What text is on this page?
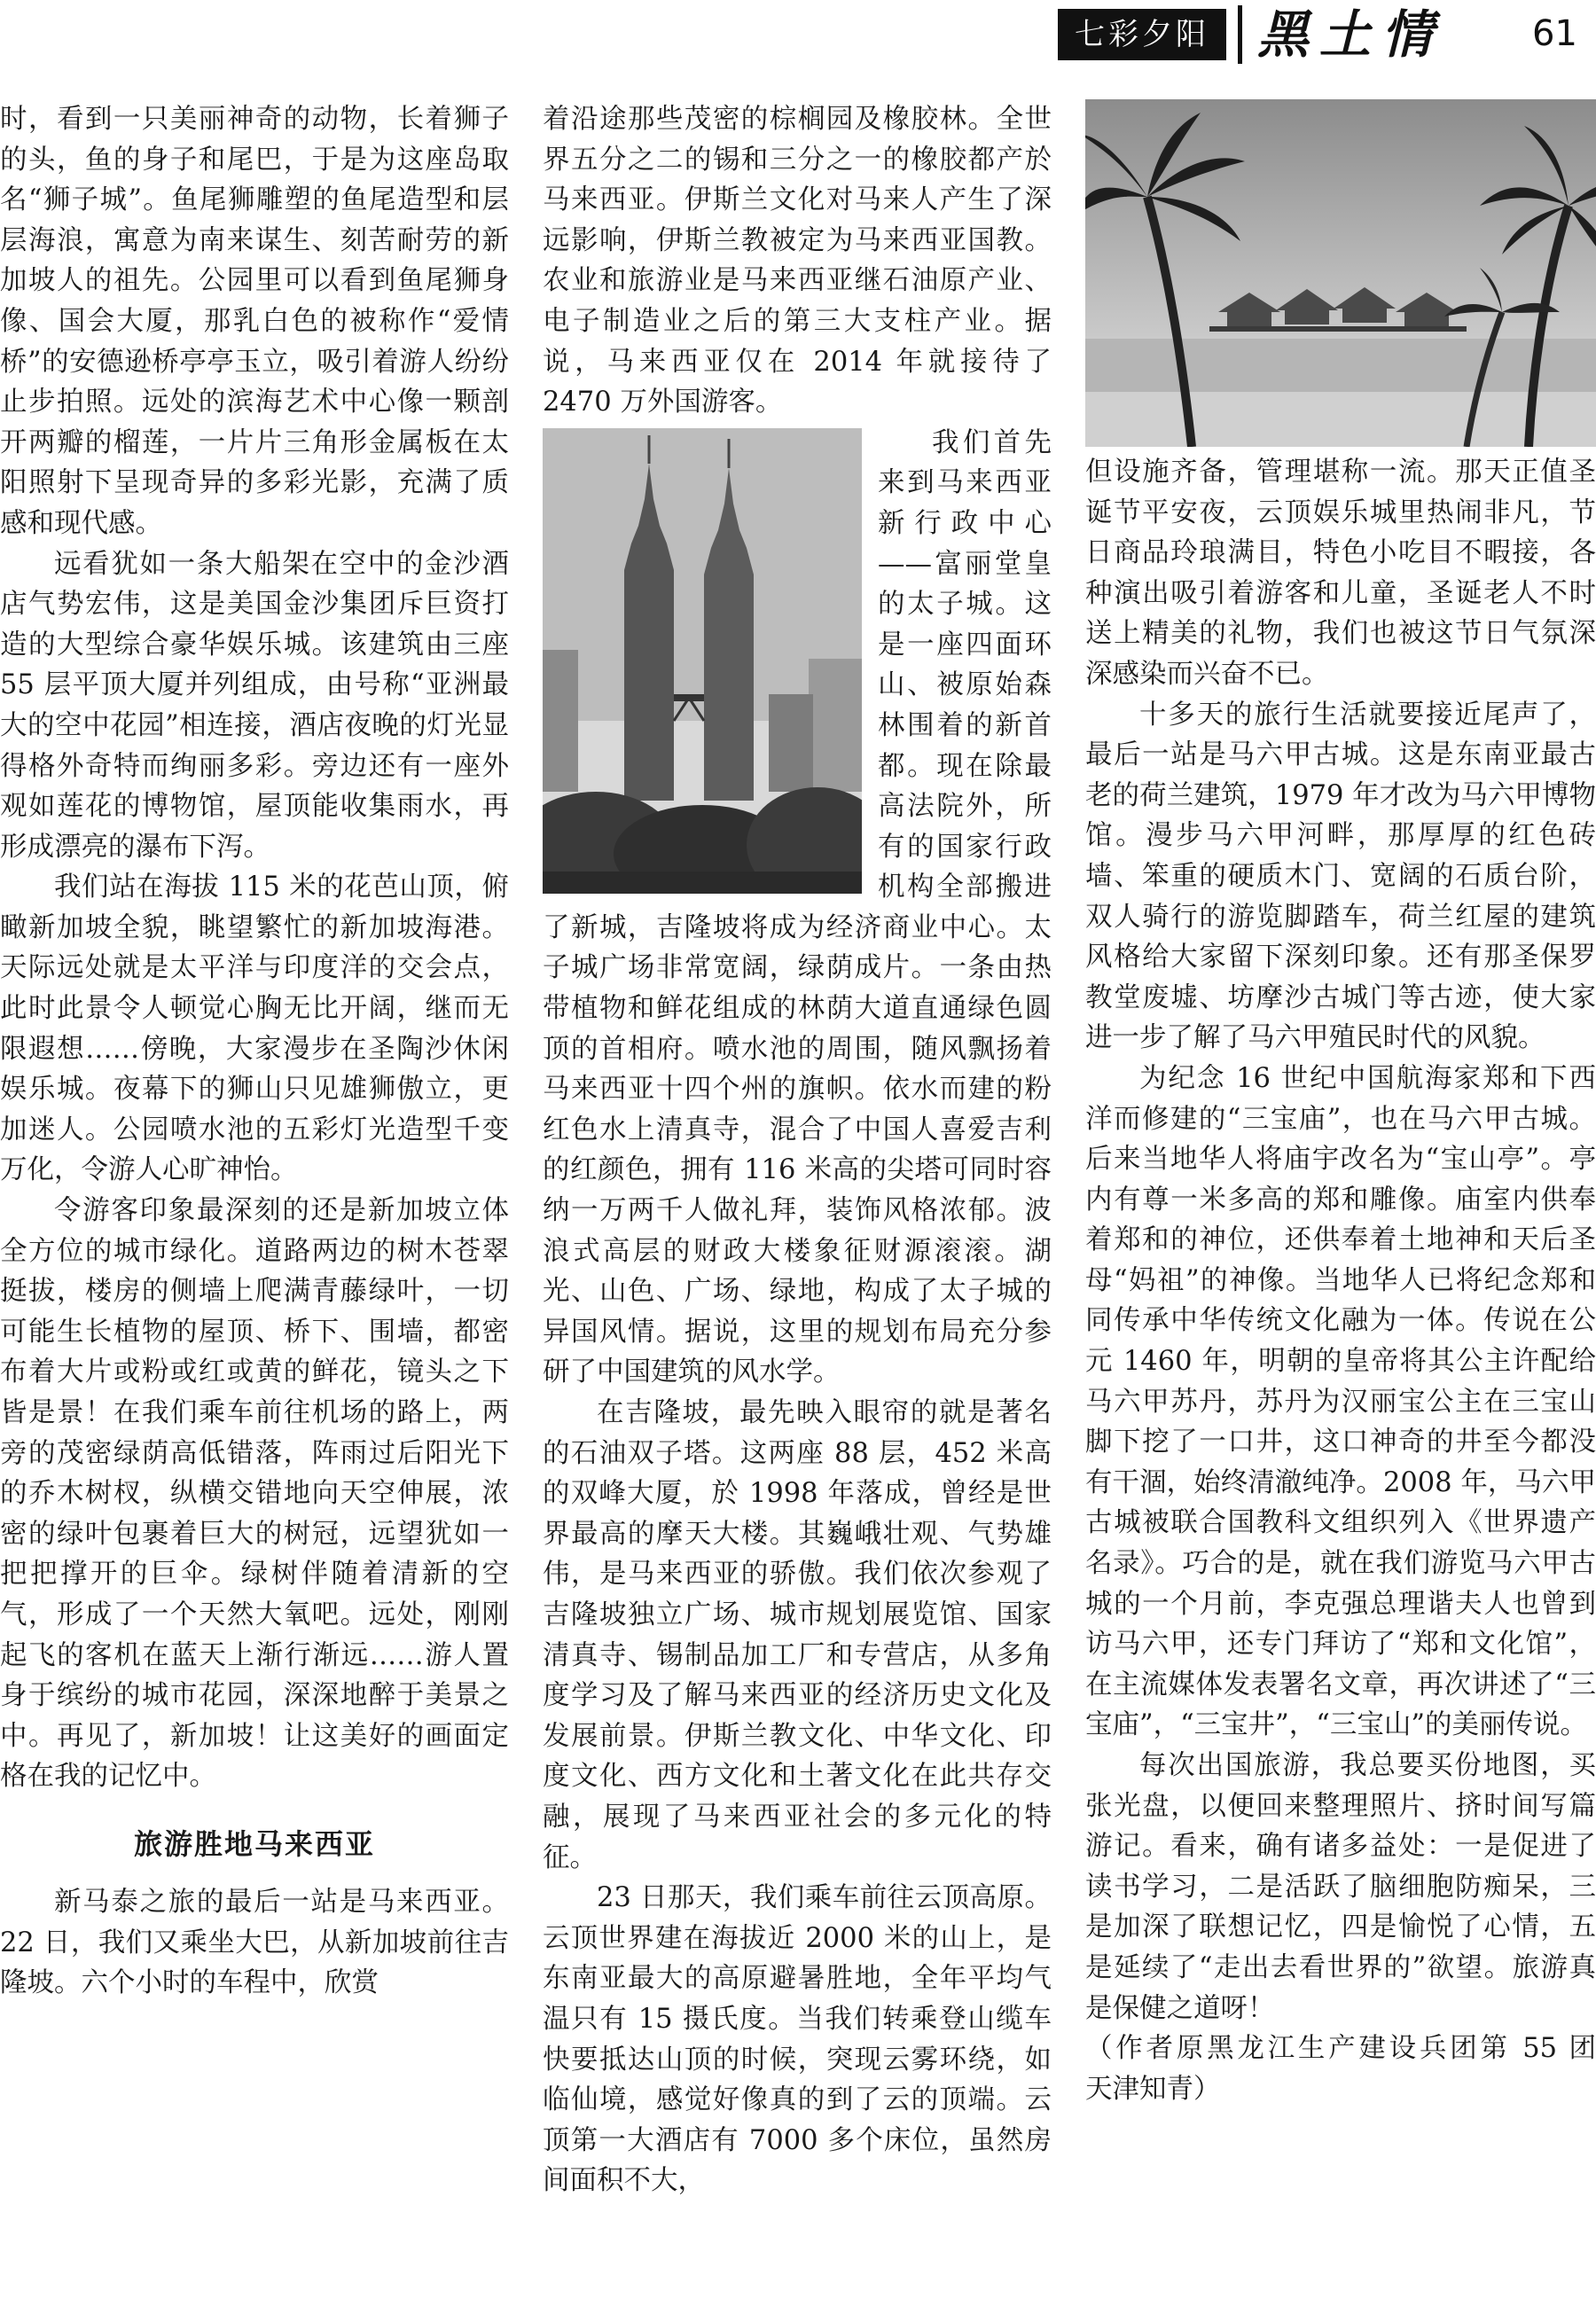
七彩夕阳 黑土情 61

时，看到一只美丽神奇的动物，长着狮子的头，鱼的身子和尾巴，于是为这座岛取名“狮子城”。鱼尾狮雕塑的鱼尾造型和层层海浪，寓意为南来谋生、刻苦耐劳的新加坡人的祖先。公园里可以看到鱼尾狮身像、国会大厦，那乳白色的被称作“爱情桥”的安德逊桥亭亭玉立，吸引着游人纷纷止步拍照。远处的滨海艺术中心像一颗剖开两瓣的榴莲，一片片三角形金属板在太阳照射下呈现奇异的多彩光影，充满了质感和现代感。

远看犹如一条大船架在空中的金沙酒店气势宏伟，这是美国金沙集团斥巨资打造的大型综合豪华娱乐城。该建筑由三座 55 层平顶大厦并列组成，由号称“亚洲最大的空中花园”相连接，酒店夜晚的灯光显得格外奇特而绚丽多彩。旁边还有一座外观如莲花的博物馆，屋顶能收集雨水，再形成漂亮的瀑布下泻。

我们站在海拔 115 米的花芭山顶，俯瞰新加坡全貌，眺望繁忙的新加坡海港。天际远处就是太平洋与印度洋的交会点，此时此景令人顿觉心胸无比开阔，继而无限遐想……傍晚，大家漫步在圣陶沙休闲娱乐城。夜幕下的狮山只见雄狮傲立，更加迷人。公园喷水池的五彩灯光造型千变万化，令游人心旷神怡。

令游客印象最深刻的还是新加坡立体全方位的城市绿化。道路两边的树木苍翠挺拔，楼房的侧墙上爬满青藤绿叶，一切可能生长植物的屋顶、桥下、围墙，都密布着大片或粉或红或黄的鲜花，镜头之下皆是景！在我们乘车前往机场的路上，两旁的茂密绿荫高低错落，阵雨过后阳光下的乔木树杈，纵横交错地向天空伸展，浓密的绿叶包裹着巨大的树冠，远望犹如一把把撑开的巨伞。绿树伴随着清新的空气，形成了一个天然大氧吧。远处，刚刚起飞的客机在蓝天上渐行渐远……游人置身于缤纷的城市花园，深深地醉于美景之中。再见了，新加坡！让这美好的画面定格在我的记忆中。

旅游胜地马来西亚

新马泰之旅的最后一站是马来西亚。22 日，我们又乘坐大巴，从新加坡前往吉隆坡。六个小时的车程中，欣赏

着沿途那些茂密的棕榈园及橡胶林。全世界五分之二的锡和三分之一的橡胶都产於马来西亚。伊斯兰文化对马来人产生了深远影响，伊斯兰教被定为马来西亚国教。农业和旅游业是马来西亚继石油原产业、电子制造业之后的第三大支柱产业。据说，马来西亚仅在 2014 年就接待了 2470 万外国游客。

我们首先来到马来西亚新行政中心——富丽堂皇的太子城。这是一座四面环山、被原始森林围着的新首都。现在除最高法院外，所有的国家行政机构全部搬进了新城，吉隆坡将成为经济商业中心。太子城广场非常宽阔，绿荫成片。一条由热带植物和鲜花组成的林荫大道直通绿色圆顶的首相府。喷水池的周围，随风飘扬着马来西亚十四个州的旗帜。依水而建的粉红色水上清真寺，混合了中国人喜爱吉利的红颜色，拥有 116 米高的尖塔可同时容纳一万两千人做礼拜，装饰风格浓郁。波浪式高层的财政大楼象征财源滚滚。湖光、山色、广场、绿地，构成了太子城的异国风情。据说，这里的规划布局充分参研了中国建筑的风水学。

在吉隆坡，最先映入眼帘的就是著名的石油双子塔。这两座 88 层，452 米高的双峰大厦，於 1998 年落成，曾经是世界最高的摩天大楼。其巍峨壮观、气势雄伟，是马来西亚的骄傲。我们依次参观了吉隆坡独立广场、城市规划展览馆、国家清真寺、锡制品加工厂和专营店，从多角度学习及了解马来西亚的经济历史文化及发展前景。伊斯兰教文化、中华文化、印度文化、西方文化和土著文化在此共存交融，展现了马来西亚社会的多元化的特征。

23 日那天，我们乘车前往云顶高原。云顶世界建在海拔近 2000 米的山上，是东南亚最大的高原避暑胜地，全年平均气温只有 15 摄氏度。当我们转乘登山缆车快要抵达山顶的时候，突现云雾环绕，如临仙境，感觉好像真的到了云的顶端。云顶第一大酒店有 7000 多个床位，虽然房间面积不大，

但设施齐备，管理堪称一流。那天正值圣诞节平安夜，云顶娱乐城里热闹非凡，节日商品玲琅满目，特色小吃目不暇接，各种演出吸引着游客和儿童，圣诞老人不时送上精美的礼物，我们也被这节日气氛深深感染而兴奋不已。

十多天的旅行生活就要接近尾声了，最后一站是马六甲古城。这是东南亚最古老的荷兰建筑，1979 年才改为马六甲博物馆。漫步马六甲河畔，那厚厚的红色砖墙、笨重的硬质木门、宽阔的石质台阶，双人骑行的游览脚踏车，荷兰红屋的建筑风格给大家留下深刻印象。还有那圣保罗教堂废墟、坊摩沙古城门等古迹，使大家进一步了解了马六甲殖民时代的风貌。

为纪念 16 世纪中国航海家郑和下西洋而修建的“三宝庙”，也在马六甲古城。后来当地华人将庙宇改名为“宝山亭”。亭内有尊一米多高的郑和雕像。庙室内供奉着郑和的神位，还供奉着土地神和天后圣母“妈祖”的神像。当地华人已将纪念郑和同传承中华传统文化融为一体。传说在公元 1460 年，明朝的皇帝将其公主许配给马六甲苏丹，苏丹为汉丽宝公主在三宝山脚下挖了一口井，这口神奇的井至今都没有干涸，始终清澈纯净。2008 年，马六甲古城被联合国教科文组织列入《世界遗产名录》。巧合的是，就在我们游览马六甲古城的一个月前，李克强总理谐夫人也曾到访马六甲，还专门拜访了“郑和文化馆”，在主流媒体发表署名文章，再次讲述了“三宝庙”，“三宝井”，“三宝山”的美丽传说。

每次出国旅游，我总要买份地图，买张光盘，以便回来整理照片、挤时间写篇游记。看来，确有诸多益处：一是促进了读书学习，二是活跃了脑细胞防痴呆，三是加深了联想记忆，四是愉悦了心情，五是延续了“走出去看世界的”欲望。旅游真是保健之道呀！

（作者原黑龙江生产建设兵团第 55 团　天津知青）
